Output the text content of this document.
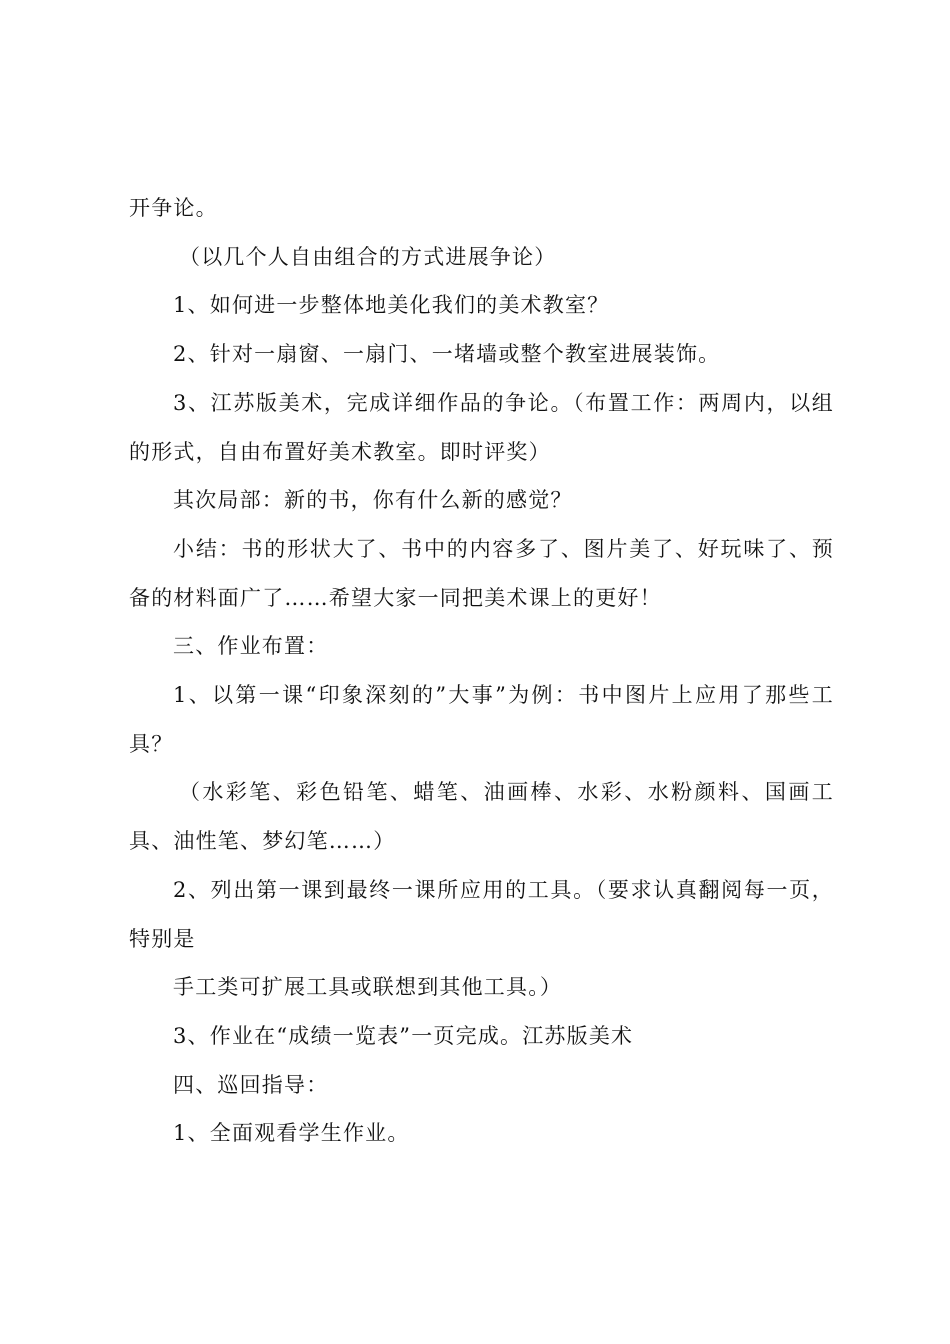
开争论。

（以几个人自由组合的方式进展争论）

1、如何进一步整体地美化我们的美术教室？

2、针对一扇窗、一扇门、一堵墙或整个教室进展装饰。

3、江苏版美术，完成详细作品的争论。（布置工作：两周内，以组的形式，自由布置好美术教室。即时评奖）

其次局部：新的书，你有什么新的感觉？

小结：书的形状大了、书中的内容多了、图片美了、好玩味了、预备的材料面广了……希望大家一同把美术课上的更好！

三、作业布置：

1、以第一课“印象深刻的”大事”为例：书中图片上应用了那些工具？

（水彩笔、彩色铅笔、蜡笔、油画棒、水彩、水粉颜料、国画工具、油性笔、梦幻笔……）

2、列出第一课到最终一课所应用的工具。（要求认真翻阅每一页，特别是

手工类可扩展工具或联想到其他工具。）

3、作业在“成绩一览表”一页完成。江苏版美术

四、巡回指导：

1、全面观看学生作业。
